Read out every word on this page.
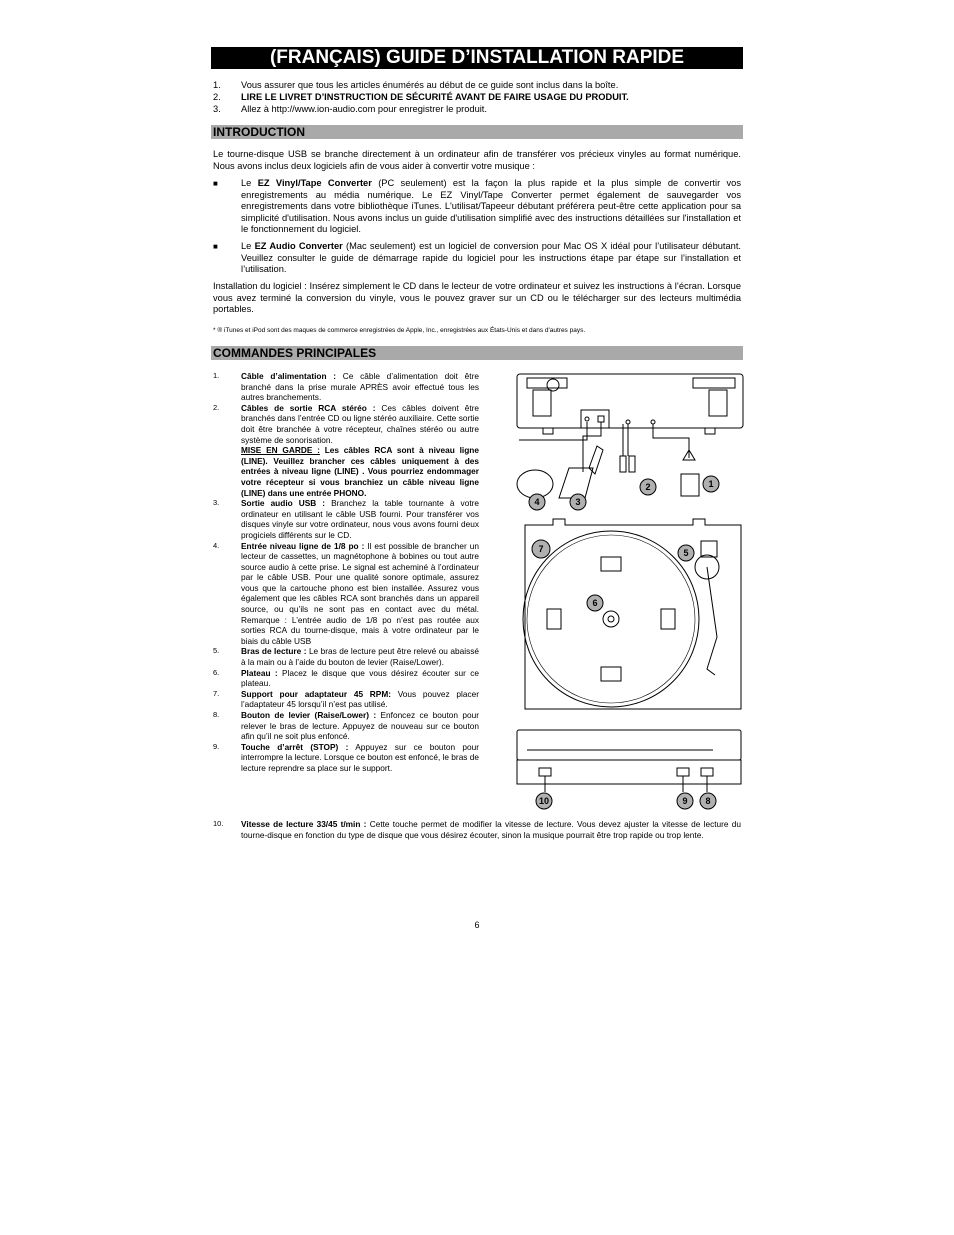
(FRANÇAIS) GUIDE D’INSTALLATION RAPIDE
1.	Vous assurer que tous les articles énumérés au début de ce guide sont inclus dans la boîte.
2.	LIRE LE LIVRET D’INSTRUCTION DE SÉCURITÉ AVANT DE FAIRE USAGE DU PRODUIT.
3.	Allez à http://www.ion-audio.com pour enregistrer le produit.
INTRODUCTION
Le tourne-disque USB se branche directement à un ordinateur afin de transférer vos précieux vinyles au format numérique. Nous avons inclus deux logiciels afin de vous aider à convertir votre musique :
■	Le EZ Vinyl/Tape Converter (PC seulement) est la façon la plus rapide et la plus simple de convertir vos enregistrements au média numérique. Le EZ Vinyl/Tape Converter permet également de sauvegarder vos enregistrements dans votre bibliothèque iTunes. L'utilisat/Tapeeur débutant préférera peut-être cette application pour sa simplicité d'utilisation. Nous avons inclus un guide d'utilisation simplifié avec des instructions détaillées sur l'installation et le fonctionnement du logiciel.
■	Le EZ Audio Converter (Mac seulement) est un logiciel de conversion pour Mac OS X idéal pour l’utilisateur débutant. Veuillez consulter le guide de démarrage rapide du logiciel pour les instructions étape par étape sur l’installation et l’utilisation.
Installation du logiciel : Insérez simplement le CD dans le lecteur de votre ordinateur et suivez les instructions à l’écran. Lorsque vous avez terminé la conversion du vinyle, vous le pouvez graver sur un CD ou le télécharger sur des lecteurs multimédia portables.
* ® iTunes et iPod sont des maques de commerce enregistrées de Apple, Inc., enregistrées aux États-Unis et dans d'autres pays.
COMMANDES PRINCIPALES
1.	Câble d’alimentation : Ce câble d’alimentation doit être branché dans la prise murale APRÈS avoir effectué tous les autres branchements.
2.	Câbles de sortie RCA stéréo : Ces câbles doivent être branchés dans l’entrée CD ou ligne stéréo auxiliaire. Cette sortie doit être branchée à votre récepteur, chaînes stéréo ou autre système de sonorisation.
MISE EN GARDE : Les câbles RCA sont à niveau ligne (LINE). Veuillez brancher ces câbles uniquement à des entrées à niveau ligne (LINE) . Vous pourriez endommager votre récepteur si vous branchiez un câble niveau ligne (LINE) dans une entrée PHONO.
3.	Sortie audio USB : Branchez la table tournante à votre ordinateur en utilisant le câble USB fourni. Pour transférer vos disques vinyle sur votre ordinateur, nous vous avons fourni deux progiciels différents sur le CD.
4.	Entrée niveau ligne de 1/8 po : Il est possible de brancher un lecteur de cassettes, un magnétophone à bobines ou tout autre source audio à cette prise. Le signal est acheminé à l’ordinateur par le câble USB. Pour une qualité sonore optimale, assurez vous que la cartouche phono est bien installée. Assurez vous également que les câbles RCA sont branchés dans un appareil source, ou qu’ils ne sont pas en contact avec du métal. Remarque : L’entrée audio de 1/8 po n’est pas routée aux sorties RCA du tourne-disque, mais à votre ordinateur par le biais du câble USB
5.	Bras de lecture : Le bras de lecture peut être relevé ou abaissé à la main ou à l’aide du bouton de levier (Raise/Lower).
6.	Plateau : Placez le disque que vous désirez écouter sur ce plateau.
7.	Support pour adaptateur 45 RPM: Vous pouvez placer l’adaptateur 45 lorsqu’il n’est pas utilisé.
8.	Bouton de levier (Raise/Lower) : Enfoncez ce bouton pour relever le bras de lecture. Appuyez de nouveau sur ce bouton afin qu’il ne soit plus enfoncé.
9.	Touche d’arrêt (STOP) : Appuyez sur ce bouton pour interrompre la lecture. Lorsque ce bouton est enfoncé, le bras de lecture reprendre sa place sur le support.
10.	Vitesse de lecture 33/45 t/min : Cette touche permet de modifier la vitesse de lecture. Vous devez ajuster la vitesse de lecture du tourne-disque en fonction du type de disque que vous désirez écouter, sinon la musique pourrait être trop rapide ou trop lente.
4	3
2	1
7	5
6
10	9 8
6
